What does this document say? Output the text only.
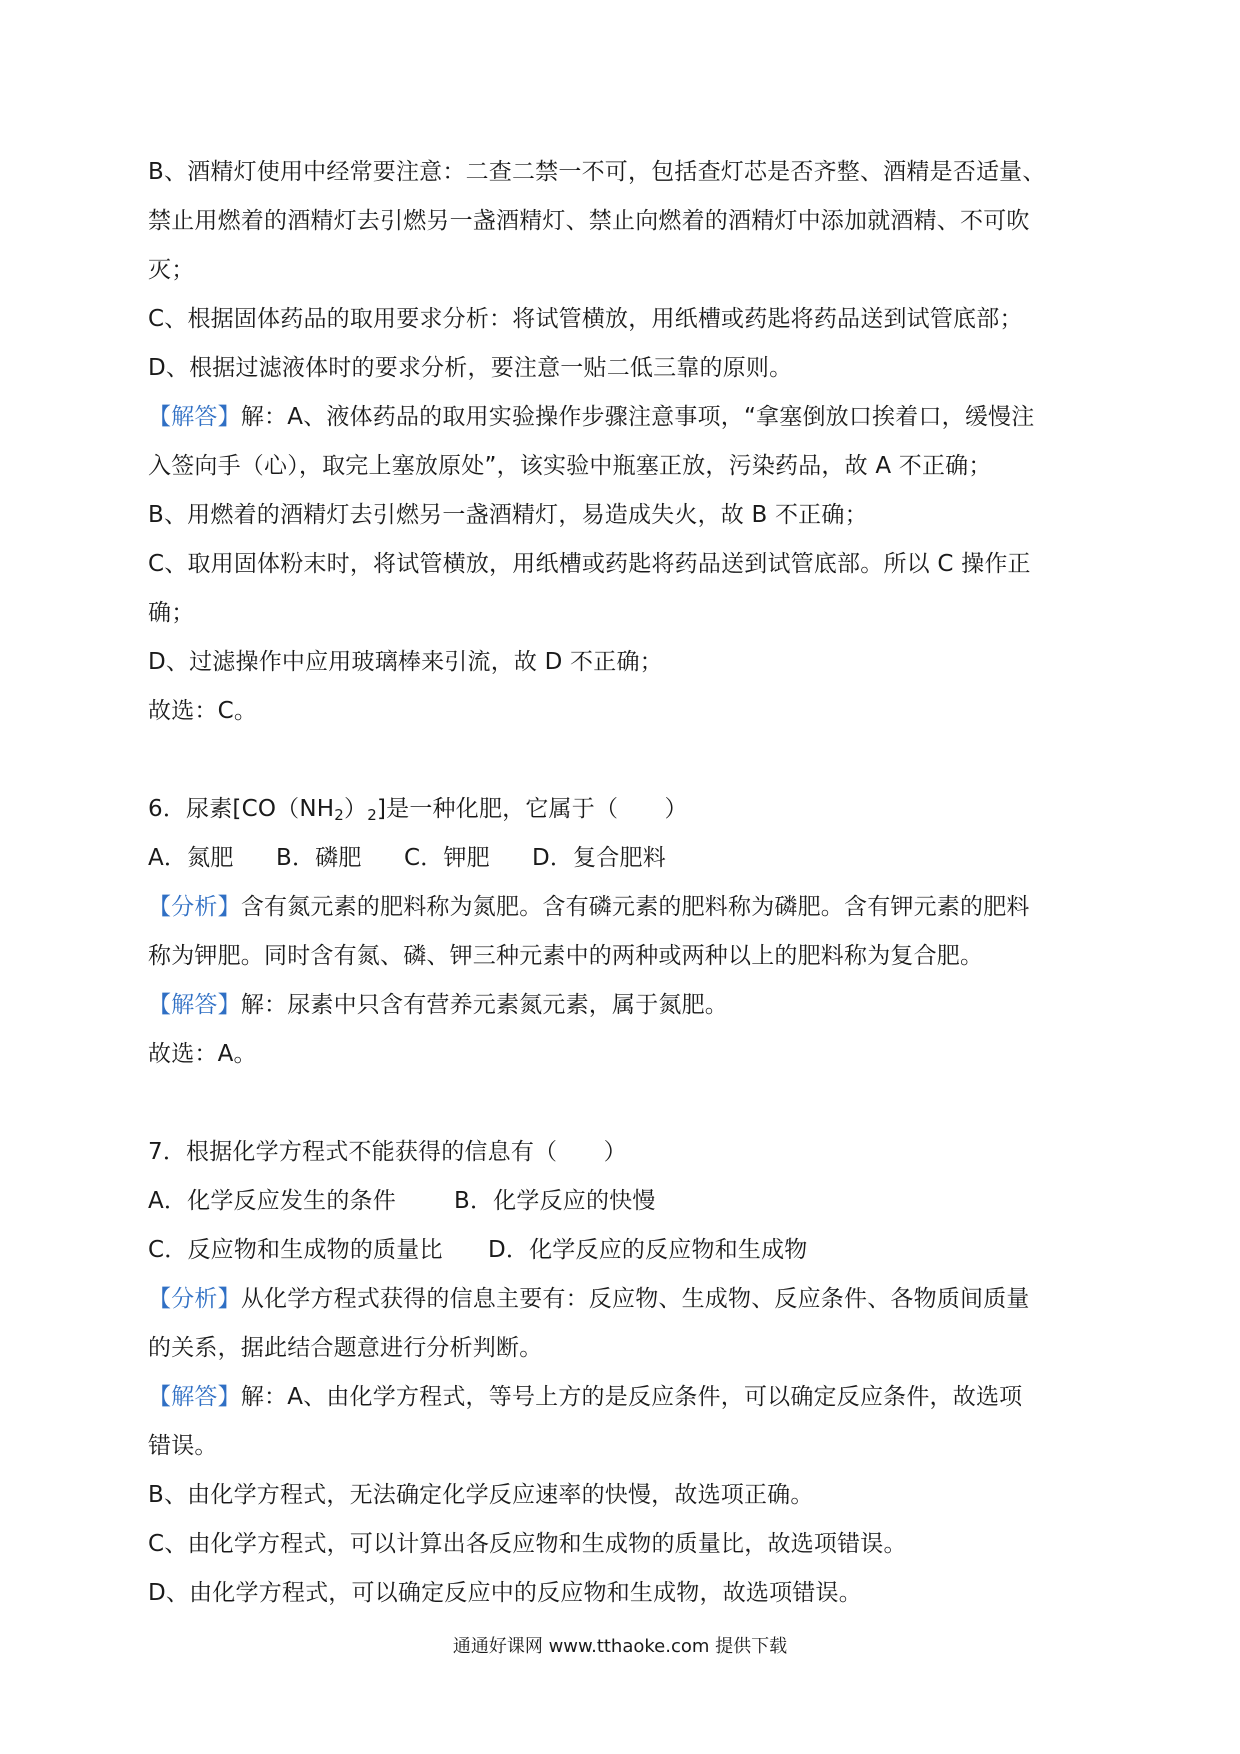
B、酒精灯使用中经常要注意：二查二禁一不可，包括查灯芯是否齐整、酒精是否适量、
禁止用燃着的酒精灯去引燃另一盏酒精灯、禁止向燃着的酒精灯中添加就酒精、不可吹
灭；
C、根据固体药品的取用要求分析：将试管横放，用纸槽或药匙将药品送到试管底部；
D、根据过滤液体时的要求分析，要注意一贴二低三靠的原则。
【解答】解：A、液体药品的取用实验操作步骤注意事项，“拿塞倒放口挨着口，缓慢注
入签向手（心），取完上塞放原处”，该实验中瓶塞正放，污染药品，故 A 不正确；
B、用燃着的酒精灯去引燃另一盏酒精灯，易造成失火，故 B 不正确；
C、取用固体粉末时，将试管横放，用纸槽或药匙将药品送到试管底部。所以 C 操作正
确；
D、过滤操作中应用玻璃棒来引流，故 D 不正确；
故选：C。
6．尿素$[CO(NH_2)_2]$是一种化肥，它属于（　　）
A．氮肥 B．磷肥 C．钾肥 D．复合肥料
【分析】含有氮元素的肥料称为氮肥。含有磷元素的肥料称为磷肥。含有钾元素的肥料
称为钾肥。同时含有氮、磷、钾三种元素中的两种或两种以上的肥料称为复合肥。
【解答】解：尿素中只含有营养元素氮元素，属于氮肥。
故选：A。
7．根据化学方程式不能获得的信息有（　　）
A．化学反应发生的条件	B．化学反应的快慢
C．反应物和生成物的质量比 D．化学反应的反应物和生成物
【分析】从化学方程式获得的信息主要有：反应物、生成物、反应条件、各物质间质量
的关系，据此结合题意进行分析判断。
【解答】解：A、由化学方程式，等号上方的是反应条件，可以确定反应条件，故选项
错误。
B、由化学方程式，无法确定化学反应速率的快慢，故选项正确。
C、由化学方程式，可以计算出各反应物和生成物的质量比，故选项错误。
D、由化学方程式，可以确定反应中的反应物和生成物，故选项错误。
通通好课网 www.tthaoke.com 提供下载
